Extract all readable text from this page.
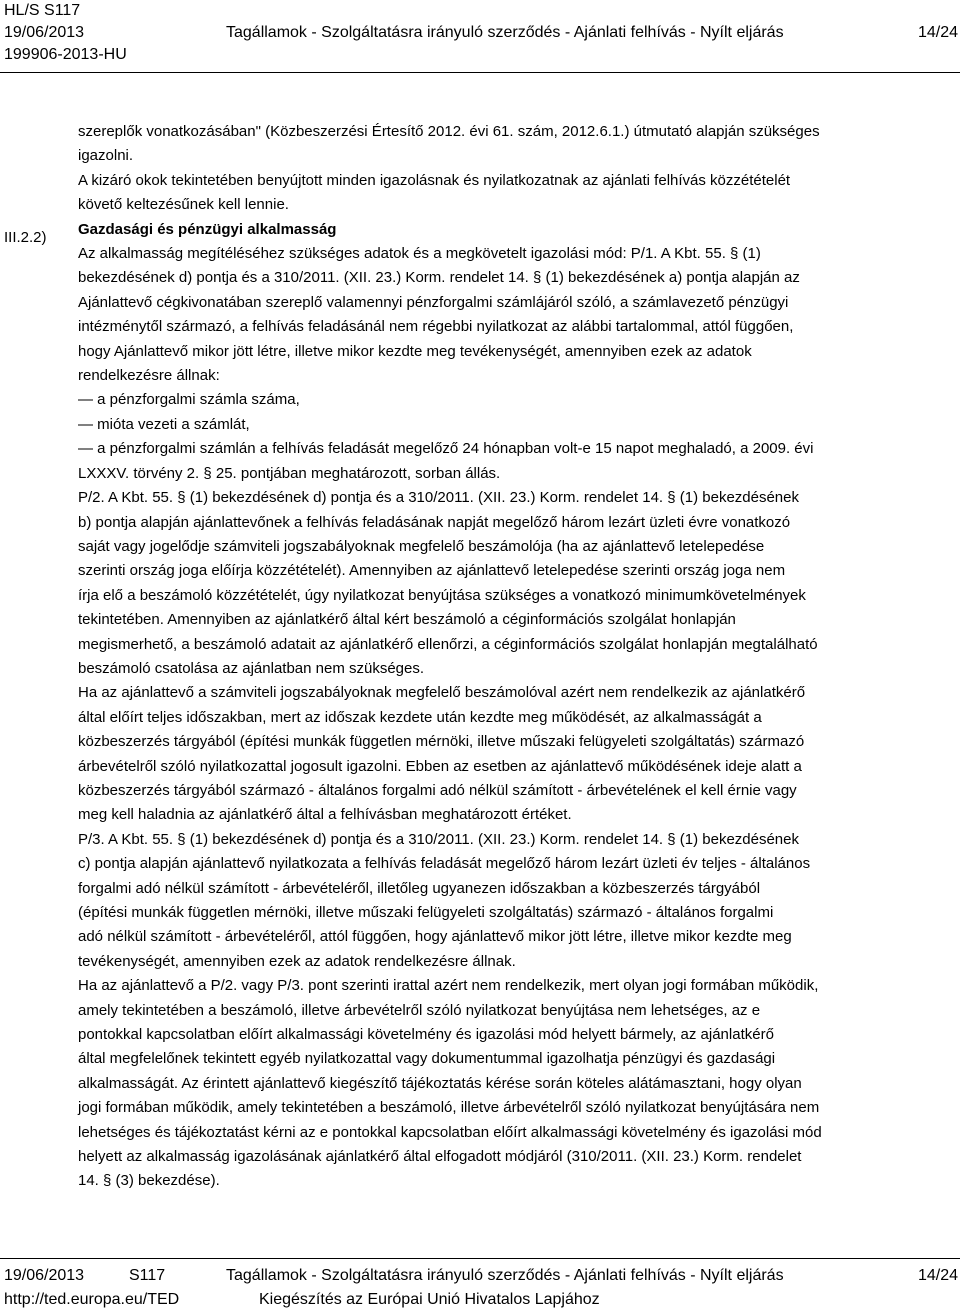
HL/S S117
19/06/2013	Tagállamok - Szolgáltatásra irányuló szerződés - Ajánlati felhívás - Nyílt eljárás	14/24
199906-2013-HU
III.2.2)

szereplők vonatkozásában" (Közbeszerzési Értesítő 2012. évi 61. szám, 2012.6.1.) útmutató alapján szükséges

igazolni.

A kizáró okok tekintetében benyújtott minden igazolásnak és nyilatkozatnak az ajánlati felhívás közzétételét

követő keltezésűnek kell lennie.

Gazdasági és pénzügyi alkalmasság

Az alkalmasság megítéléséhez szükséges adatok és a megkövetelt igazolási mód: P/1. A Kbt. 55. § (1)

bekezdésének d) pontja és a 310/2011. (XII. 23.) Korm. rendelet 14. § (1) bekezdésének a) pontja alapján az

Ajánlattevő cégkivonatában szereplő valamennyi pénzforgalmi számlájáról szóló, a számlavezető pénzügyi

intézménytől származó, a felhívás feladásánál nem régebbi nyilatkozat az alábbi tartalommal, attól függően,

hogy Ajánlattevő mikor jött létre, illetve mikor kezdte meg tevékenységét, amennyiben ezek az adatok

rendelkezésre állnak:

— a pénzforgalmi számla száma,

— mióta vezeti a számlát,

— a pénzforgalmi számlán a felhívás feladását megelőző 24 hónapban volt-e 15 napot meghaladó, a 2009. évi

LXXXV. törvény 2. § 25. pontjában meghatározott, sorban állás.

P/2. A Kbt. 55. § (1) bekezdésének d) pontja és a 310/2011. (XII. 23.) Korm. rendelet 14. § (1) bekezdésének

b) pontja alapján ajánlattevőnek a felhívás feladásának napját megelőző három lezárt üzleti évre vonatkozó

saját vagy jogelődje számviteli jogszabályoknak megfelelő beszámolója (ha az ajánlattevő letelepedése

szerinti ország joga előírja közzétételét). Amennyiben az ajánlattevő letelepedése szerinti ország joga nem

írja elő a beszámoló közzétételét, úgy nyilatkozat benyújtása szükséges a vonatkozó minimumkövetelmények

tekintetében. Amennyiben az ajánlatkérő által kért beszámoló a céginformációs szolgálat honlapján

megismerhető, a beszámoló adatait az ajánlatkérő ellenőrzi, a céginformációs szolgálat honlapján megtalálható

beszámoló csatolása az ajánlatban nem szükséges.

Ha az ajánlattevő a számviteli jogszabályoknak megfelelő beszámolóval azért nem rendelkezik az ajánlatkérő

által előírt teljes időszakban, mert az időszak kezdete után kezdte meg működését, az alkalmasságát a

közbeszerzés tárgyából (építési munkák független mérnöki, illetve műszaki felügyeleti szolgáltatás) származó

árbevételről szóló nyilatkozattal jogosult igazolni. Ebben az esetben az ajánlattevő működésének ideje alatt a

közbeszerzés tárgyából származó - általános forgalmi adó nélkül számított - árbevételének el kell érnie vagy

meg kell haladnia az ajánlatkérő által a felhívásban meghatározott értéket.

P/3. A Kbt. 55. § (1) bekezdésének d) pontja és a 310/2011. (XII. 23.) Korm. rendelet 14. § (1) bekezdésének

c) pontja alapján ajánlattevő nyilatkozata a felhívás feladását megelőző három lezárt üzleti év teljes - általános

forgalmi adó nélkül számított - árbevételéről, illetőleg ugyanezen időszakban a közbeszerzés tárgyából

(építési munkák független mérnöki, illetve műszaki felügyeleti szolgáltatás) származó - általános forgalmi

adó nélkül számított - árbevételéről, attól függően, hogy ajánlattevő mikor jött létre, illetve mikor kezdte meg

tevékenységét, amennyiben ezek az adatok rendelkezésre állnak.

Ha az ajánlattevő a P/2. vagy P/3. pont szerinti irattal azért nem rendelkezik, mert olyan jogi formában működik,

amely tekintetében a beszámoló, illetve árbevételről szóló nyilatkozat benyújtása nem lehetséges, az e

pontokkal kapcsolatban előírt alkalmassági követelmény és igazolási mód helyett bármely, az ajánlatkérő

által megfelelőnek tekintett egyéb nyilatkozattal vagy dokumentummal igazolhatja pénzügyi és gazdasági

alkalmasságát. Az érintett ajánlattevő kiegészítő tájékoztatás kérése során köteles alátámasztani, hogy olyan

jogi formában működik, amely tekintetében a beszámoló, illetve árbevételről szóló nyilatkozat benyújtására nem

lehetséges és tájékoztatást kérni az e pontokkal kapcsolatban előírt alkalmassági követelmény és igazolási mód

helyett az alkalmasság igazolásának ajánlatkérő által elfogadott módjáról (310/2011. (XII. 23.) Korm. rendelet

14. § (3) bekezdése).

19/06/2013	S117	Tagállamok - Szolgáltatásra irányuló szerződés - Ajánlati felhívás - Nyílt eljárás	14/24
http://ted.europa.eu/TED	Kiegészítés az Európai Unió Hivatalos Lapjához
